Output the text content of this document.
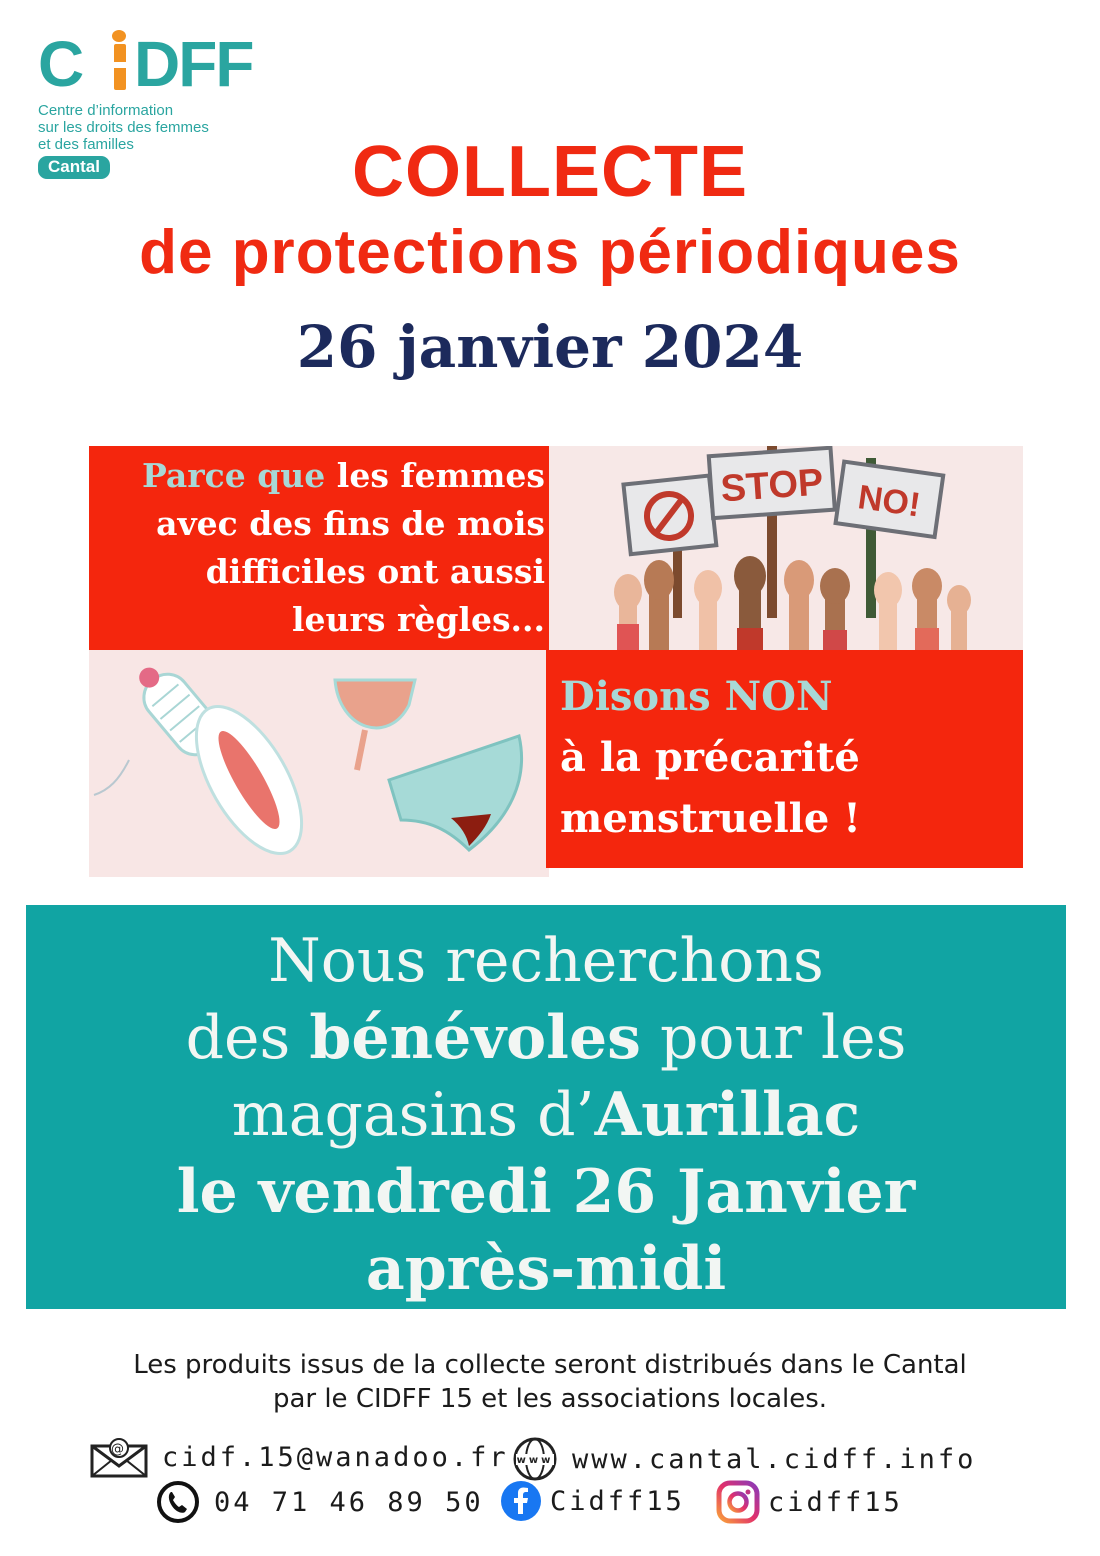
C DFF
Centre d’information
sur les droits des femmes
et des familles
Cantal	COLLECTE
de protections périodiques
26 janvier 2024
Parce que les femmes
avec des fins de mois
difficiles ont aussi
leurs règles...
STOP NO!
Disons NON
à la précarité
menstruelle !
Nous recherchons
des bénévoles pour les
magasins d’Aurillac
le vendredi 26 Janvier
après-midi
Les produits issus de la collecte seront distribués dans le Cantal
par le CIDFF 15 et les associations locales.
@ cidf.15@wanadoo.fr www www.cantal.cidff.info
04 71 46 89 50 Cidff15	cidff15
